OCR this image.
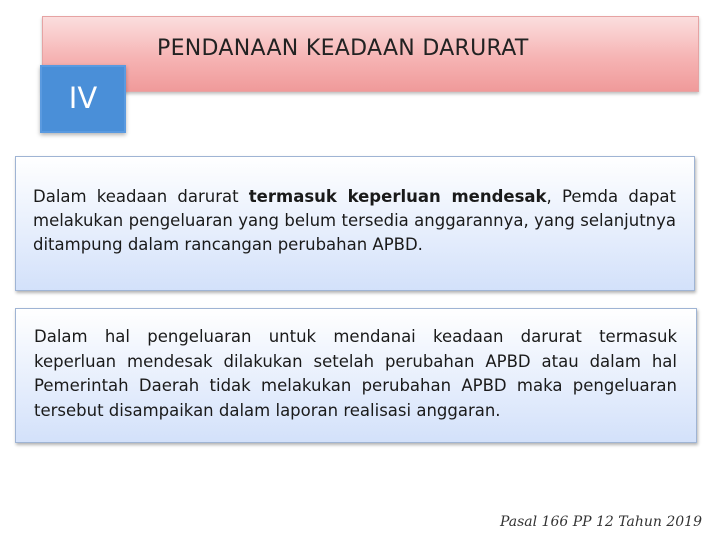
PENDANAAN KEADAAN DARURAT
IV

Dalam keadaan darurat termasuk keperluan mendesak, Pemda dapat melakukan pengeluaran yang belum tersedia anggarannya, yang selanjutnya ditampung dalam rancangan perubahan APBD.

Dalam hal pengeluaran untuk mendanai keadaan darurat termasuk keperluan mendesak dilakukan setelah perubahan APBD atau dalam hal Pemerintah Daerah tidak melakukan perubahan APBD maka pengeluaran tersebut disampaikan dalam laporan realisasi anggaran.

Pasal 166 PP 12 Tahun 2019
